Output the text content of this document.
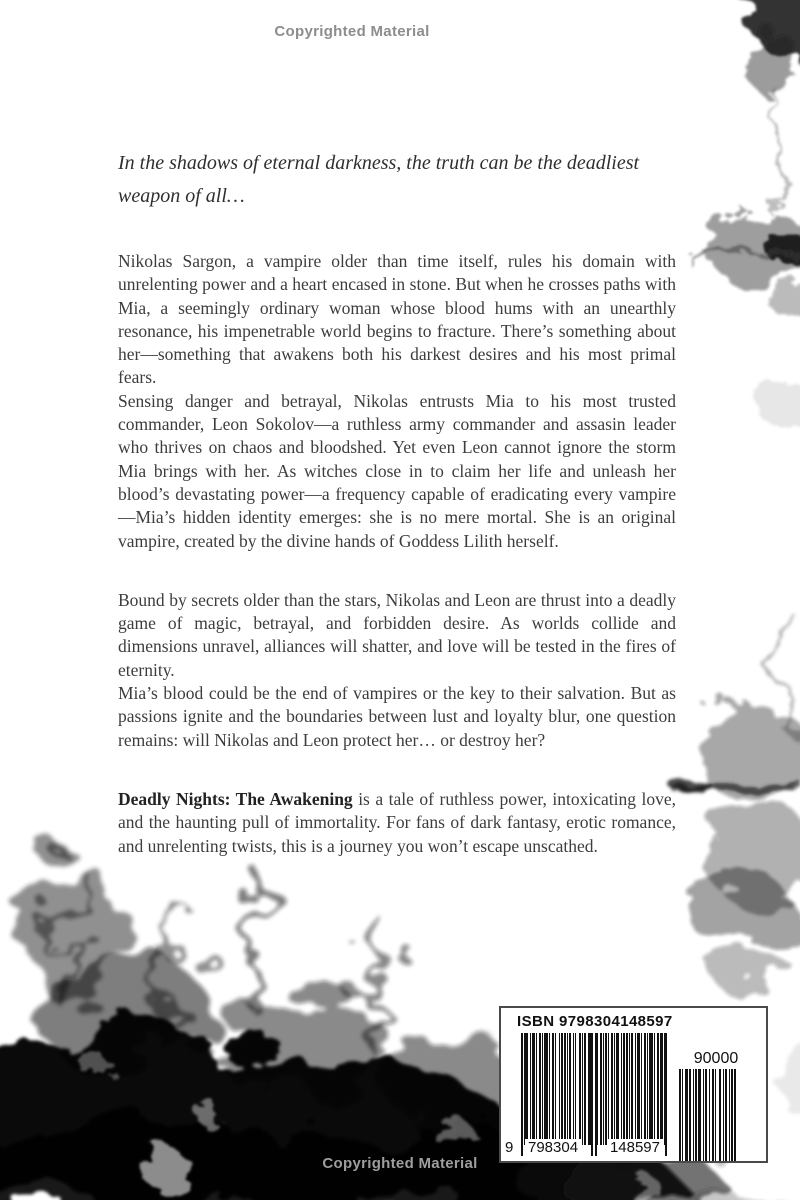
Copyrighted Material
In the shadows of eternal darkness, the truth can be the deadliest
weapon of all…

Nikolas Sargon, a vampire older than time itself, rules his domain with unrelenting power and a heart encased in stone. But when he crosses paths with Mia, a seemingly ordinary woman whose blood hums with an unearthly resonance, his impenetrable world begins to fracture. There’s something about her—something that awakens both his darkest desires and his most primal fears.

Sensing danger and betrayal, Nikolas entrusts Mia to his most trusted commander, Leon Sokolov—a ruthless army commander and assasin leader who thrives on chaos and bloodshed. Yet even Leon cannot ignore the storm Mia brings with her. As witches close in to claim her life and unleash her blood’s devastating power—a frequency capable of eradicating every vampire—Mia’s hidden identity emerges: she is no mere mortal. She is an original vampire, created by the divine hands of Goddess Lilith herself.

Bound by secrets older than the stars, Nikolas and Leon are thrust into a deadly game of magic, betrayal, and forbidden desire. As worlds collide and dimensions unravel, alliances will shatter, and love will be tested in the fires of eternity.

Mia’s blood could be the end of vampires or the key to their salvation. But as passions ignite and the boundaries between lust and loyalty blur, one question remains: will Nikolas and Leon protect her… or destroy her?

Deadly Nights: The Awakening is a tale of ruthless power, intoxicating love, and the haunting pull of immortality. For fans of dark fantasy, erotic romance, and unrelenting twists, this is a journey you won’t escape unscathed.

ISBN 9798304148597
9 798304 148597
90000
Copyrighted Material
